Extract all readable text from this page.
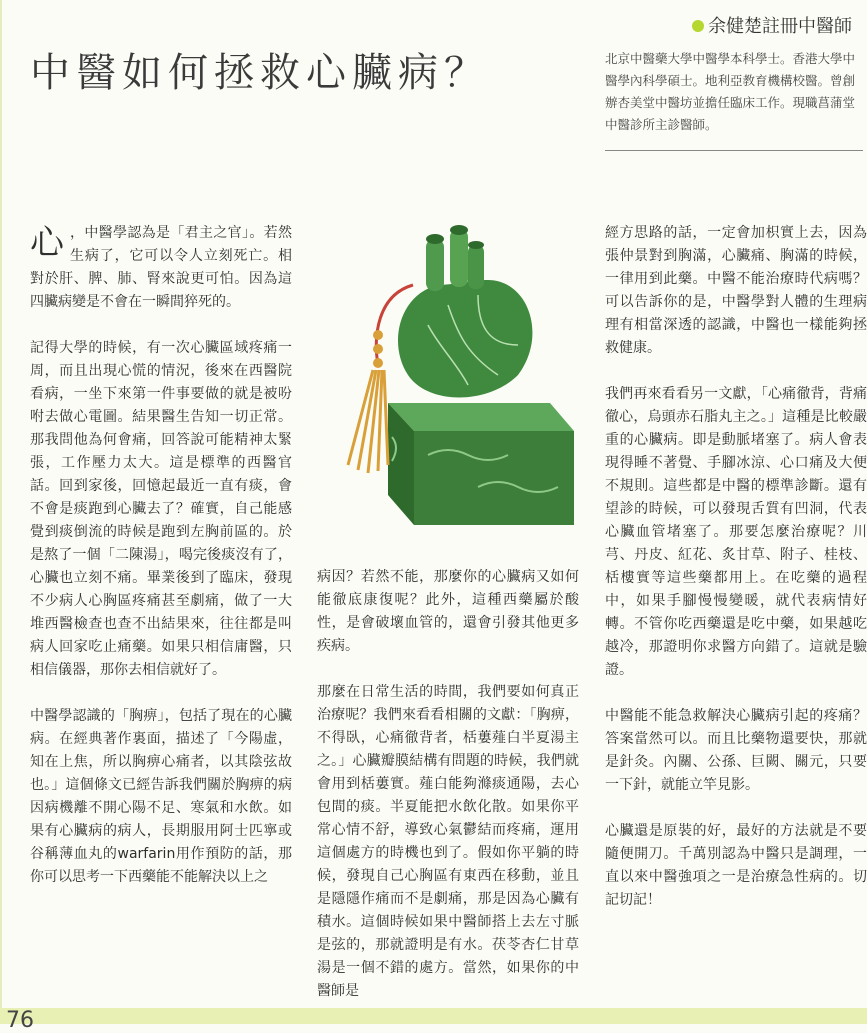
中醫如何拯救心臟病？
余健楚註冊中醫師
北京中醫藥大學中醫學本科學士。香港大學中醫學內科學碩士。地利亞教育機構校醫。曾創辦杏美堂中醫坊並擔任臨床工作。現職菖蒲堂中醫診所主診醫師。

心 ，中醫學認為是「君主之官」。若然生病了，它可以令人立刻死亡。相對於肝、脾、肺、腎來說更可怕。因為這四臟病變是不會在一瞬間猝死的。

記得大學的時候，有一次心臟區域疼痛一周，而且出現心慌的情況，後來在西醫院看病，一坐下來第一件事要做的就是被吩咐去做心電圖。結果醫生告知一切正常。那我問他為何會痛，回答說可能精神太緊張，工作壓力太大。這是標準的西醫官話。回到家後，回憶起最近一直有痰，會不會是痰跑到心臟去了？確實，自己能感覺到痰倒流的時候是跑到左胸前區的。於是熬了一個「二陳湯」，喝完後痰沒有了，心臟也立刻不痛。畢業後到了臨床，發現不少病人心胸區疼痛甚至劇痛，做了一大堆西醫檢查也查不出結果來，往往都是叫病人回家吃止痛藥。如果只相信庸醫，只相信儀器，那你去相信就好了。

中醫學認識的「胸痹」，包括了現在的心臟病。在經典著作裏面，描述了「今陽虛，知在上焦，所以胸痹心痛者，以其陰弦故也。」這個條文已經告訴我們關於胸痹的病因病機離不開心陽不足、寒氣和水飲。如果有心臟病的病人，長期服用阿士匹寧或谷稱薄血丸的warfarin用作預防的話，那你可以思考一下西藥能不能解決以上之

病因？若然不能，那麼你的心臟病又如何能徹底康復呢？此外，這種西藥屬於酸性，是會破壞血管的，還會引發其他更多疾病。

那麼在日常生活的時間，我們要如何真正治療呢？我們來看看相關的文獻：「胸痹，不得臥，心痛徹背者，栝蔞薤白半夏湯主之。」心臟瓣膜結構有問題的時候，我們就會用到栝蔞實。薤白能夠滌痰通陽，去心包間的痰。半夏能把水飲化散。如果你平常心情不舒，導致心氣鬱結而疼痛，運用這個處方的時機也到了。假如你平躺的時候，發現自己心胸區有東西在移動，並且是隱隱作痛而不是劇痛，那是因為心臟有積水。這個時候如果中醫師搭上去左寸脈是弦的，那就證明是有水。茯苓杏仁甘草湯是一個不錯的處方。當然，如果你的中醫師是

經方思路的話，一定會加枳實上去，因為張仲景對到胸滿，心臟痛、胸滿的時候，一律用到此藥。中醫不能治療時代病嗎？可以告訴你的是，中醫學對人體的生理病理有相當深透的認識，中醫也一樣能夠拯救健康。

我們再來看看另一文獻，「心痛徹背，背痛徹心，烏頭赤石脂丸主之。」這種是比較嚴重的心臟病。即是動脈堵塞了。病人會表現得睡不著覺、手腳冰涼、心口痛及大便不規則。這些都是中醫的標準診斷。還有望診的時候，可以發現舌質有凹洞，代表心臟血管堵塞了。那要怎麼治療呢？川芎、丹皮、紅花、炙甘草、附子、桂枝、栝樓實等這些藥都用上。在吃藥的過程中，如果手腳慢慢變暖，就代表病情好轉。不管你吃西藥還是吃中藥，如果越吃越冷，那證明你求醫方向錯了。這就是驗證。

中醫能不能急救解決心臟病引起的疼痛？答案當然可以。而且比藥物還要快，那就是針灸。內關、公孫、巨闕、關元，只要一下針，就能立竿見影。

心臟還是原裝的好，最好的方法就是不要隨便開刀。千萬別認為中醫只是調理，一直以來中醫強項之一是治療急性病的。切記切記！

76
